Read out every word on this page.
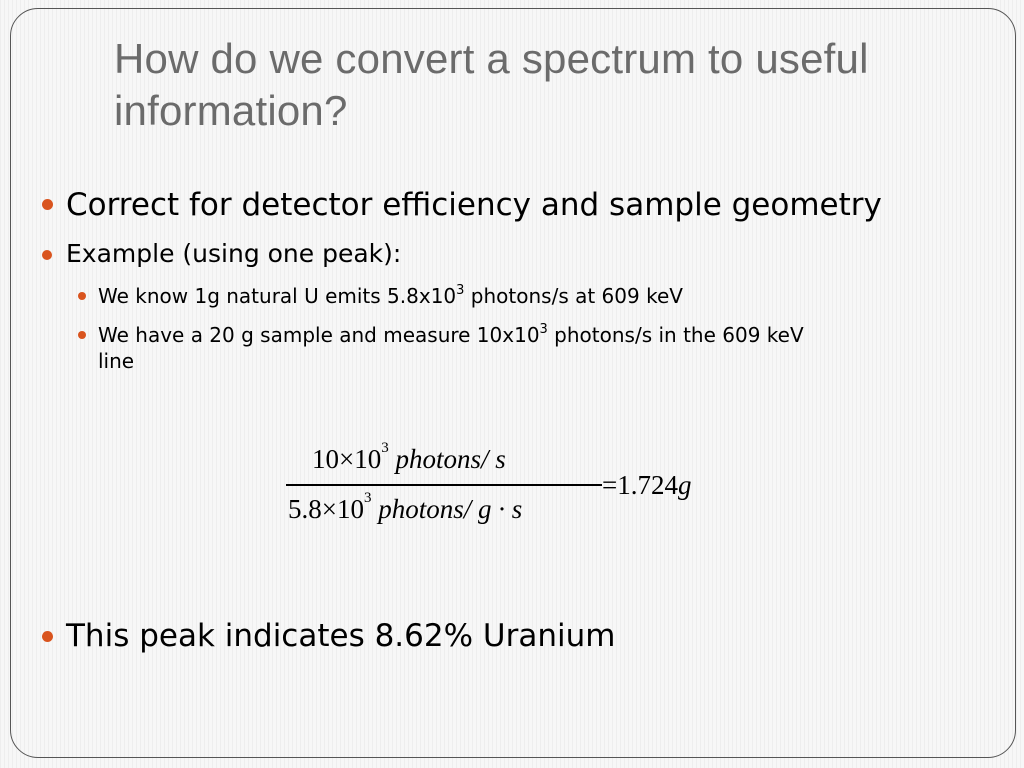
How do we convert a spectrum to useful information?
Correct for detector efficiency and sample geometry
Example (using one peak):
We know 1g natural U emits $5.8x10^3$ photons/s at 609 keV
We have a 20 g sample and measure $10x10^3$ photons/s in the 609 keV
line
This peak indicates 8.62% Uranium
$10\times 10^3$ photons/ s
$5.8\times 10^3$ photons/ g · s
=1.724g
